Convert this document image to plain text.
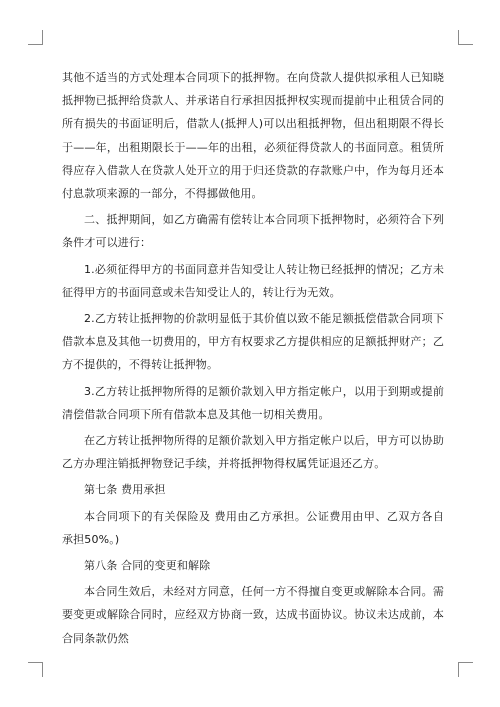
其他不适当的方式处理本合同项下的抵押物。在向贷款人提供拟承租人已知晓抵押物已抵押给贷款人、并承诺自行承担因抵押权实现而提前中止租赁合同的所有损失的书面证明后，借款人(抵押人)可以出租抵押物，但出租期限不得长于——年，出租期限长于——年的出租，必须征得贷款人的书面同意。租赁所得应存入借款人在贷款人处开立的用于归还贷款的存款账户中，作为每月还本付息款项来源的一部分，不得挪做他用。

二、抵押期间，如乙方确需有偿转让本合同项下抵押物时，必须符合下列条件才可以进行：

1.必须征得甲方的书面同意并告知受让人转让物已经抵押的情况；乙方未征得甲方的书面同意或未告知受让人的，转让行为无效。

2.乙方转让抵押物的价款明显低于其价值以致不能足额抵偿借款合同项下借款本息及其他一切费用的，甲方有权要求乙方提供相应的足额抵押财产；乙方不提供的，不得转让抵押物。

3.乙方转让抵押物所得的足额价款划入甲方指定帐户，以用于到期或提前清偿借款合同项下所有借款本息及其他一切相关费用。

在乙方转让抵押物所得的足额价款划入甲方指定帐户以后，甲方可以协助乙方办理注销抵押物登记手续，并将抵押物得权属凭证退还乙方。

第七条 费用承担

本合同项下的有关保险及 费用由乙方承担。公证费用由甲、乙双方各自承担50%。)

第八条 合同的变更和解除

本合同生效后，未经对方同意，任何一方不得擅自变更或解除本合同。需要变更或解除合同时，应经双方协商一致，达成书面协议。协议未达成前，本合同条款仍然
